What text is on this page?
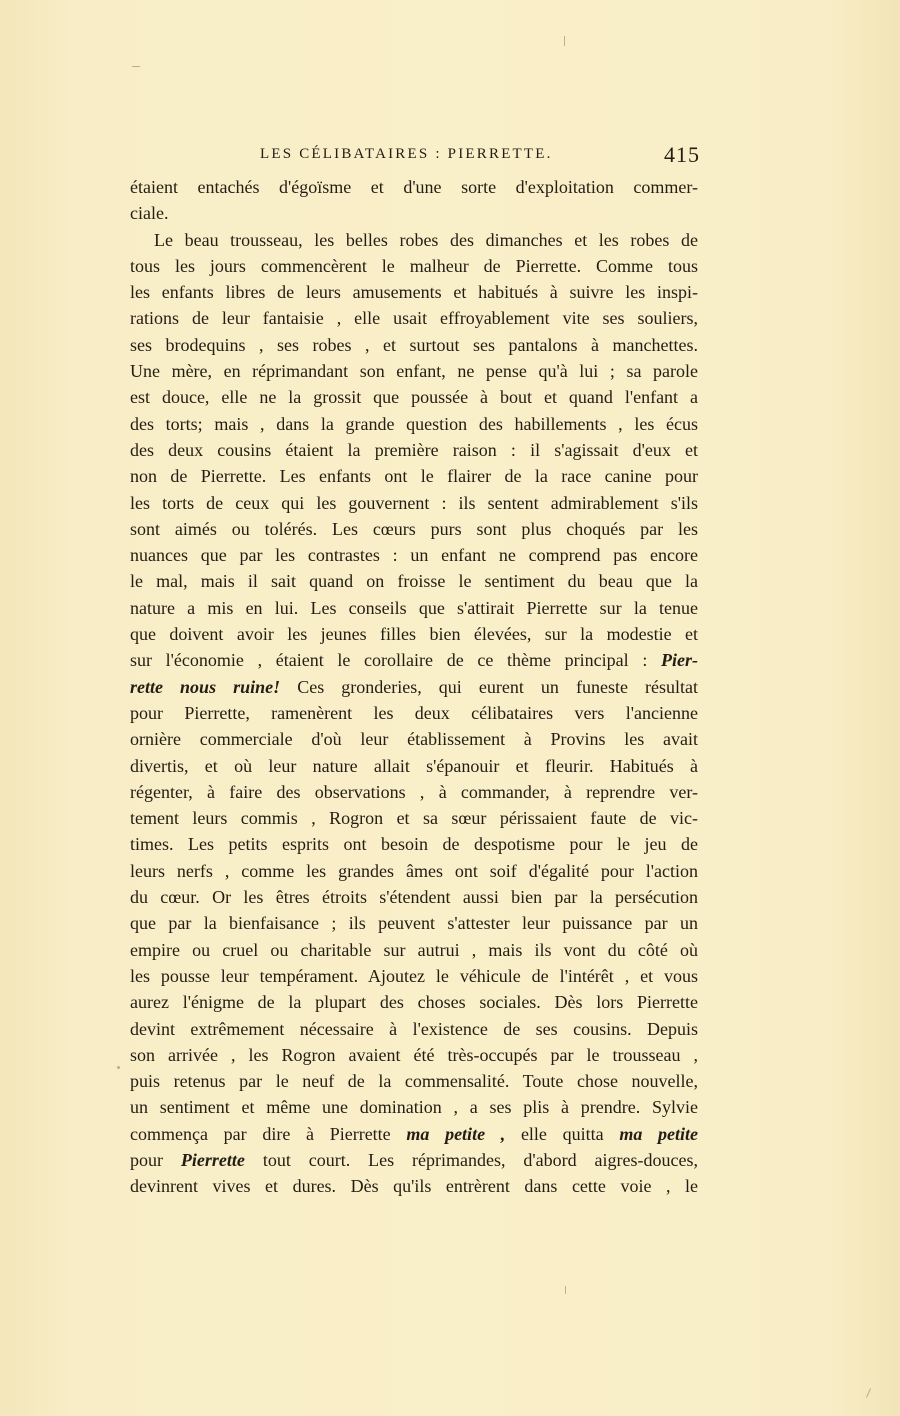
LES CÉLIBATAIRES : PIERRETTE.	415
étaient entachés d'égoïsme et d'une sorte d'exploitation commer-
ciale.
Le beau trousseau, les belles robes des dimanches et les robes de
tous les jours commencèrent le malheur de Pierrette. Comme tous
les enfants libres de leurs amusements et habitués à suivre les inspi-
rations de leur fantaisie , elle usait effroyablement vite ses souliers,
ses brodequins , ses robes , et surtout ses pantalons à manchettes.
Une mère, en réprimandant son enfant, ne pense qu'à lui ; sa parole
est douce, elle ne la grossit que poussée à bout et quand l'enfant a
des torts; mais , dans la grande question des habillements , les écus
des deux cousins étaient la première raison : il s'agissait d'eux et
non de Pierrette. Les enfants ont le flairer de la race canine pour
les torts de ceux qui les gouvernent : ils sentent admirablement s'ils
sont aimés ou tolérés. Les cœurs purs sont plus choqués par les
nuances que par les contrastes : un enfant ne comprend pas encore
le mal, mais il sait quand on froisse le sentiment du beau que la
nature a mis en lui. Les conseils que s'attirait Pierrette sur la tenue
que doivent avoir les jeunes filles bien élevées, sur la modestie et
sur l'économie , étaient le corollaire de ce thème principal : Pier-
rette nous ruine! Ces gronderies, qui eurent un funeste résultat
pour Pierrette, ramenèrent les deux célibataires vers l'ancienne
ornière commerciale d'où leur établissement à Provins les avait
divertis, et où leur nature allait s'épanouir et fleurir. Habitués à
régenter, à faire des observations , à commander, à reprendre ver-
tement leurs commis , Rogron et sa sœur périssaient faute de vic-
times. Les petits esprits ont besoin de despotisme pour le jeu de
leurs nerfs , comme les grandes âmes ont soif d'égalité pour l'action
du cœur. Or les êtres étroits s'étendent aussi bien par la persécution
que par la bienfaisance ; ils peuvent s'attester leur puissance par un
empire ou cruel ou charitable sur autrui , mais ils vont du côté où
les pousse leur tempérament. Ajoutez le véhicule de l'intérêt , et vous
aurez l'énigme de la plupart des choses sociales. Dès lors Pierrette
devint extrêmement nécessaire à l'existence de ses cousins. Depuis
son arrivée , les Rogron avaient été très-occupés par le trousseau ,
puis retenus par le neuf de la commensalité. Toute chose nouvelle,
un sentiment et même une domination , a ses plis à prendre. Sylvie
commença par dire à Pierrette ma petite , elle quitta ma petite
pour Pierrette tout court. Les réprimandes, d'abord aigres-douces,
devinrent vives et dures. Dès qu'ils entrèrent dans cette voie , le
